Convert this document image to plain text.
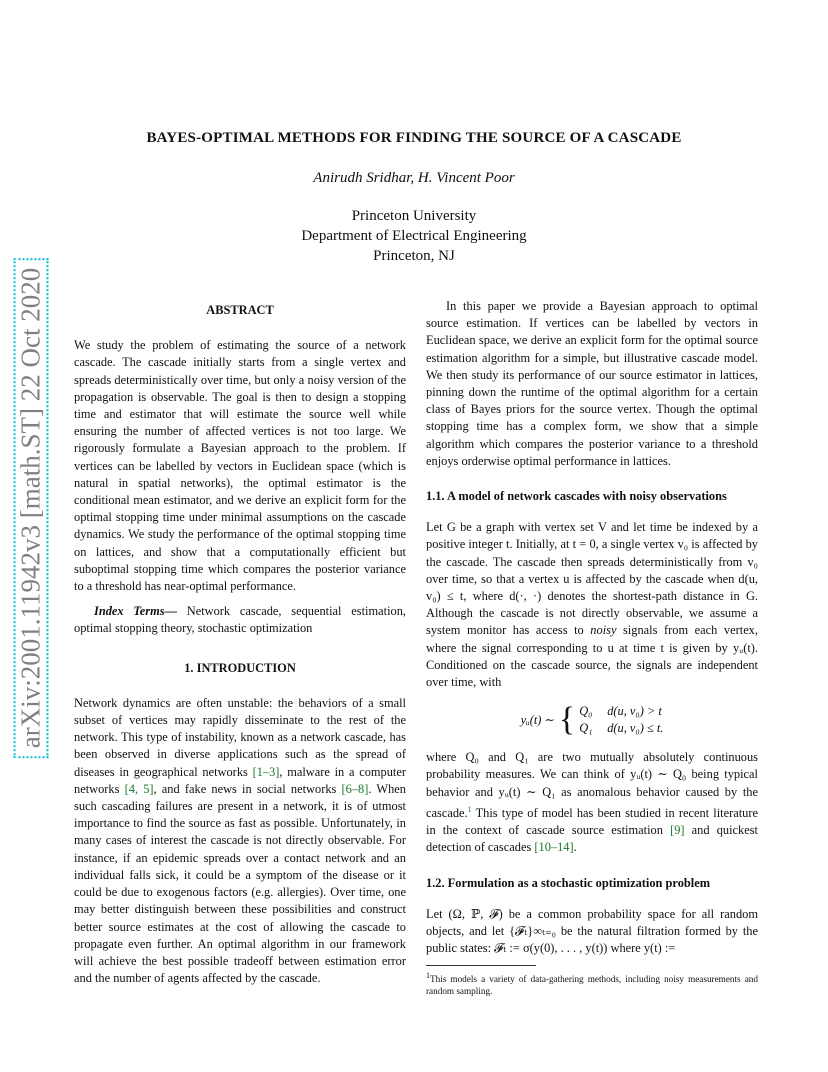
arXiv:2001.11942v3 [math.ST] 22 Oct 2020
BAYES-OPTIMAL METHODS FOR FINDING THE SOURCE OF A CASCADE
Anirudh Sridhar, H. Vincent Poor
Princeton University
Department of Electrical Engineering
Princeton, NJ
ABSTRACT

We study the problem of estimating the source of a network cascade. The cascade initially starts from a single vertex and spreads deterministically over time, but only a noisy version of the propagation is observable. The goal is then to design a stopping time and estimator that will estimate the source well while ensuring the number of affected vertices is not too large. We rigorously formulate a Bayesian approach to the problem. If vertices can be labelled by vectors in Euclidean space (which is natural in spatial networks), the optimal estimator is the conditional mean estimator, and we derive an explicit form for the optimal stopping time under minimal assumptions on the cascade dynamics. We study the performance of the optimal stopping time on lattices, and show that a computationally efficient but suboptimal stopping time which compares the posterior variance to a threshold has near-optimal performance.

Index Terms— Network cascade, sequential estimation, optimal stopping theory, stochastic optimization

1. INTRODUCTION

Network dynamics are often unstable: the behaviors of a small subset of vertices may rapidly disseminate to the rest of the network. This type of instability, known as a network cascade, has been observed in diverse applications such as the spread of diseases in geographical networks [1–3], malware in a computer networks [4, 5], and fake news in social networks [6–8]. When such cascading failures are present in a network, it is of utmost importance to find the source as fast as possible. Unfortunately, in many cases of interest the cascade is not directly observable. For instance, if an epidemic spreads over a contact network and an individual falls sick, it could be a symptom of the disease or it could be due to exogenous factors (e.g. allergies). Over time, one may better distinguish between these possibilities and construct better source estimates at the cost of allowing the cascade to propagate even further. An optimal algorithm in our framework will achieve the best possible tradeoff between estimation error and the number of agents affected by the cascade.

In this paper we provide a Bayesian approach to optimal source estimation. If vertices can be labelled by vectors in Euclidean space, we derive an explicit form for the optimal source estimation algorithm for a simple, but illustrative cascade model. We then study its performance of our source estimator in lattices, pinning down the runtime of the optimal algorithm for a certain class of Bayes priors for the source vertex. Though the optimal stopping time has a complex form, we show that a simple algorithm which compares the posterior variance to a threshold enjoys orderwise optimal performance in lattices.

1.1. A model of network cascades with noisy observations

Let G be a graph with vertex set V and let time be indexed by a positive integer t. Initially, at t = 0, a single vertex v₀ is affected by the cascade. The cascade then spreads deterministically from v₀ over time, so that a vertex u is affected by the cascade when d(u, v₀) ≤ t, where d(·, ·) denotes the shortest-path distance in G. Although the cascade is not directly observable, we assume a system monitor has access to noisy signals from each vertex, where the signal corresponding to u at time t is given by yᵤ(t). Conditioned on the cascade source, the signals are independent over time, with

yᵤ(t) ∼ { Q₀	d(u, v₀) > t
Q₁	d(u, v₀) ≤ t.

where Q₀ and Q₁ are two mutually absolutely continuous probability measures. We can think of yᵤ(t) ∼ Q₀ being typical behavior and yᵤ(t) ∼ Q₁ as anomalous behavior caused by the cascade.$^1$ This type of model has been studied in recent literature in the context of cascade source estimation [9] and quickest detection of cascades [10–14].

1.2. Formulation as a stochastic optimization problem

Let (Ω, ℙ, 𝓕) be a common probability space for all random objects, and let {𝓕ₜ}∞ₜ₌₀ be the natural filtration formed by the public states: 𝓕ₜ := σ(y(0), . . . , y(t)) where y(t) :=

$^1$This models a variety of data-gathering methods, including noisy measurements and random sampling.
